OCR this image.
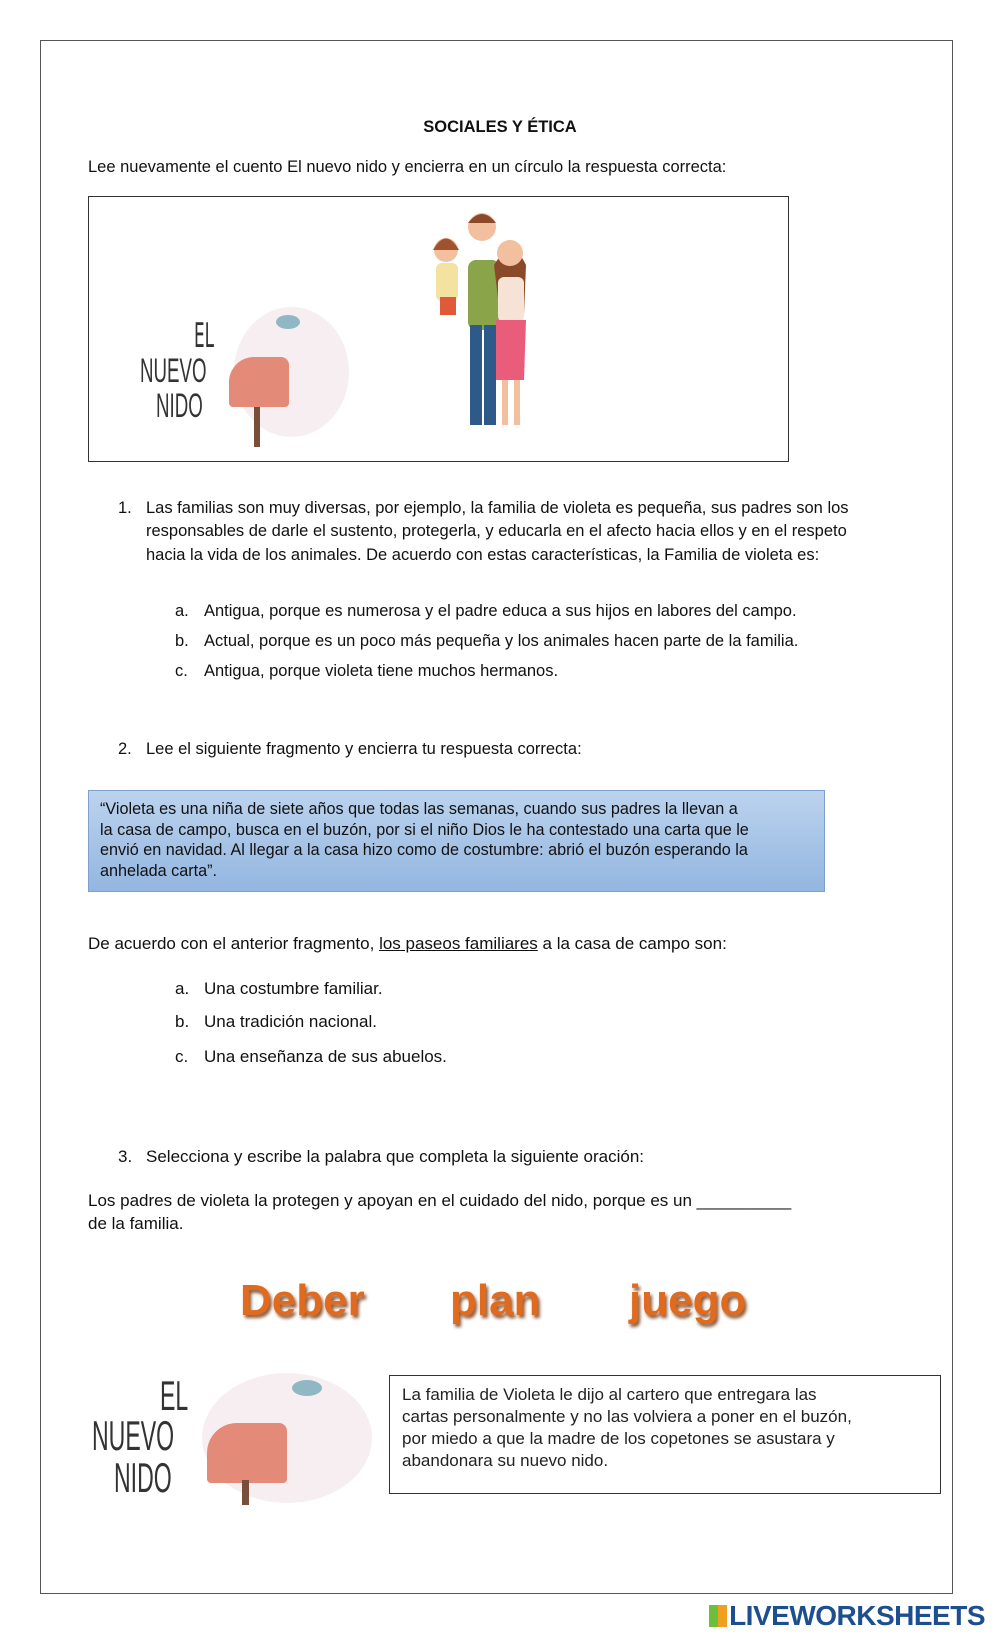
SOCIALES Y ÉTICA
Lee nuevamente el cuento El nuevo nido y encierra en un círculo la respuesta correcta:
EL
NUEVO
NIDO
1. Las familias son muy diversas, por ejemplo, la familia de violeta es pequeña, sus padres son los
responsables de darle el sustento, protegerla, y educarla en el afecto hacia ellos y en el respeto
hacia la vida de los animales. De acuerdo con estas características, la Familia de violeta es:
a. Antigua, porque es numerosa y el padre educa a sus hijos en labores del campo.
b. Actual, porque es un poco más pequeña y los animales hacen parte de la familia.
c. Antigua, porque violeta tiene muchos hermanos.
2. Lee el siguiente fragmento y encierra tu respuesta correcta:
“Violeta es una niña de siete años que todas las semanas, cuando sus padres la llevan a
la casa de campo, busca en el buzón, por si el niño Dios le ha contestado una carta que le
envió en navidad. Al llegar a la casa hizo como de costumbre: abrió el buzón esperando la
anhelada carta”.
De acuerdo con el anterior fragmento, los paseos familiares a la casa de campo son:
a. Una costumbre familiar.
b. Una tradición nacional.
c. Una enseñanza de sus abuelos.
3. Selecciona y escribe la palabra que completa la siguiente oración:
Los padres de violeta la protegen y apoyan en el cuidado del nido, porque es un __________
de la familia.
Deber plan juego
EL
NUEVO
NIDO
La familia de Violeta le dijo al cartero que entregara las
cartas personalmente y no las volviera a poner en el buzón,
por miedo a que la madre de los copetones se asustara y
abandonara su nuevo nido.
LIVEWORKSHEETS
